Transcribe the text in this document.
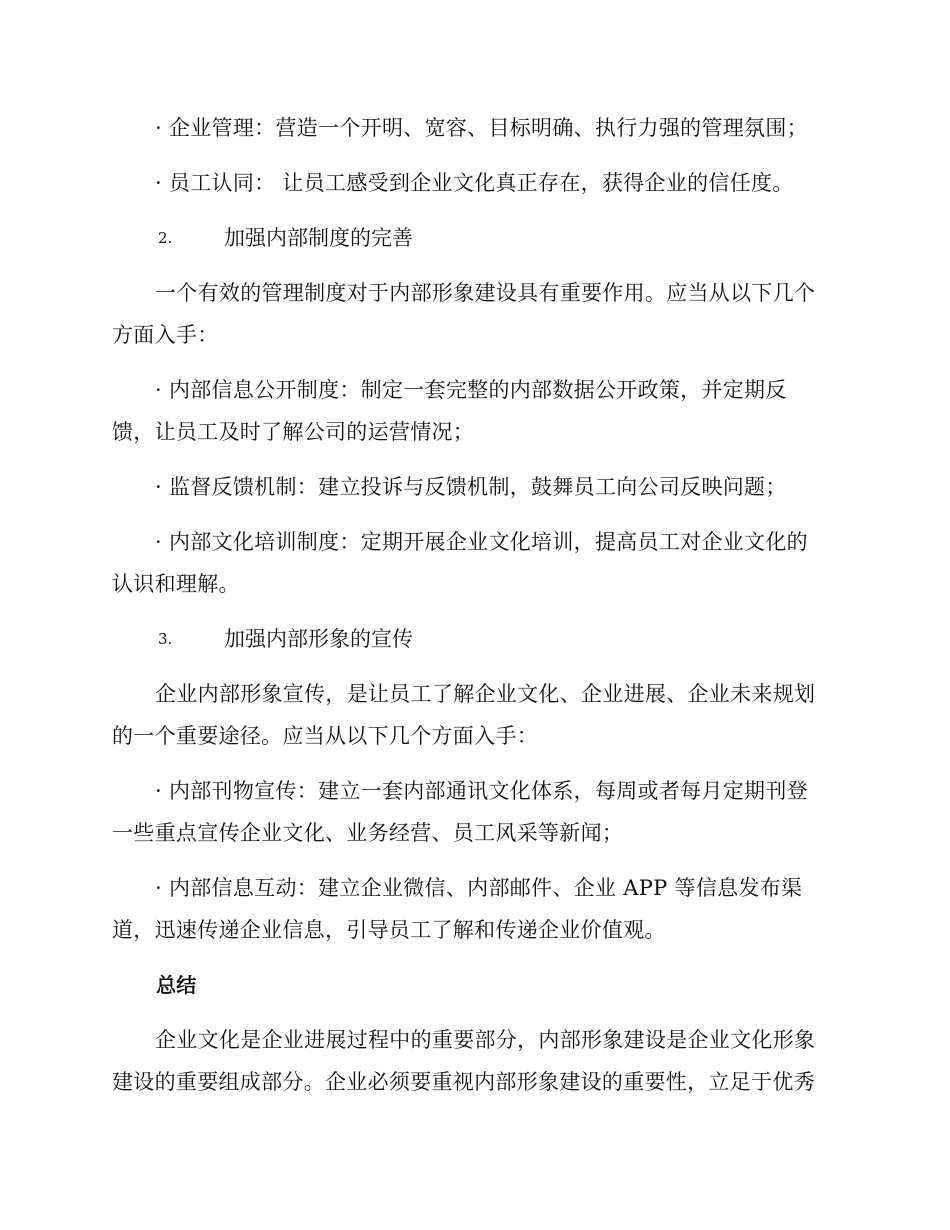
· 企业管理：营造一个开明、宽容、目标明确、执行力强的管理氛围；
· 员工认同： 让员工感受到企业文化真正存在，获得企业的信任度。
2. 加强内部制度的完善
一个有效的管理制度对于内部形象建设具有重要作用。应当从以下几个
方面入手：
· 内部信息公开制度：制定一套完整的内部数据公开政策，并定期反
馈，让员工及时了解公司的运营情况；
· 监督反馈机制：建立投诉与反馈机制，鼓舞员工向公司反映问题；
· 内部文化培训制度：定期开展企业文化培训，提高员工对企业文化的
认识和理解。
3. 加强内部形象的宣传
企业内部形象宣传，是让员工了解企业文化、企业进展、企业未来规划
的一个重要途径。应当从以下几个方面入手：
· 内部刊物宣传：建立一套内部通讯文化体系，每周或者每月定期刊登
一些重点宣传企业文化、业务经营、员工风采等新闻；
· 内部信息互动：建立企业微信、内部邮件、企业 APP 等信息发布渠
道，迅速传递企业信息，引导员工了解和传递企业价值观。
总结
企业文化是企业进展过程中的重要部分，内部形象建设是企业文化形象
建设的重要组成部分。企业必须要重视内部形象建设的重要性，立足于优秀
